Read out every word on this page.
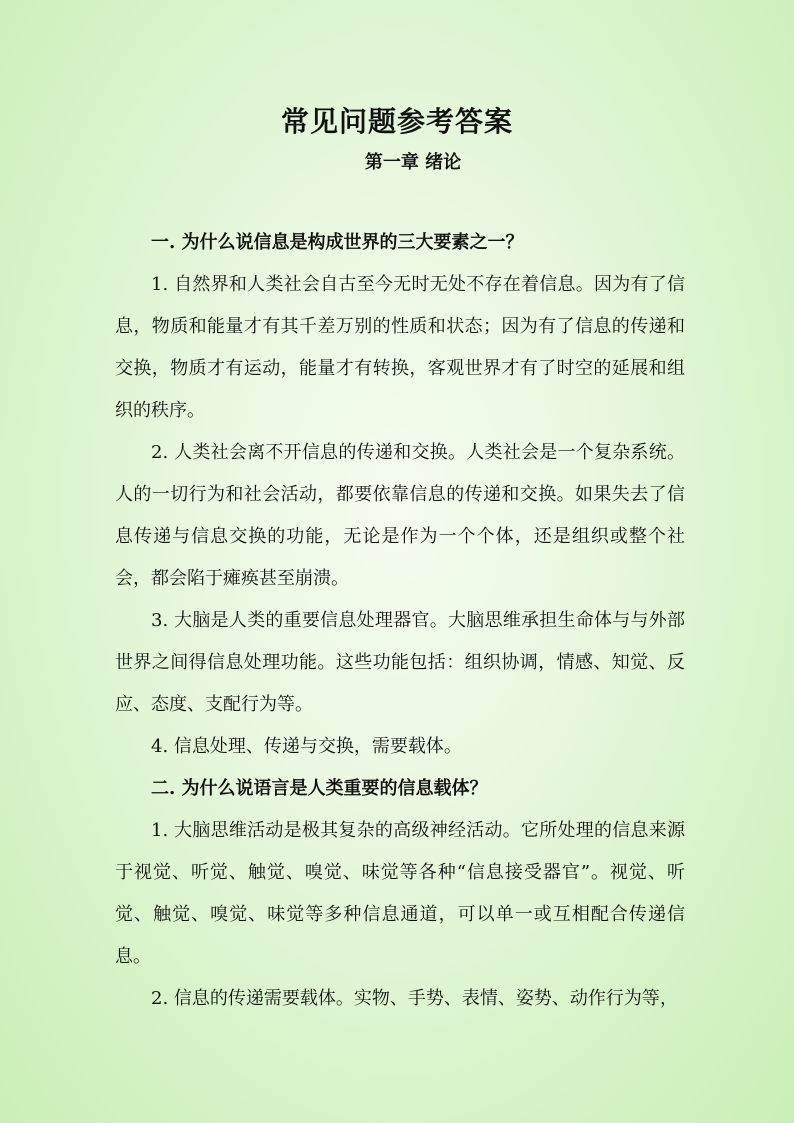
常见问题参考答案
第一章 绪论

一. 为什么说信息是构成世界的三大要素之一？

1. 自然界和人类社会自古至今无时无处不存在着信息。因为有了信息，物质和能量才有其千差万别的性质和状态；因为有了信息的传递和交换，物质才有运动，能量才有转换，客观世界才有了时空的延展和组织的秩序。

2. 人类社会离不开信息的传递和交换。人类社会是一个复杂系统。人的一切行为和社会活动，都要依靠信息的传递和交换。如果失去了信息传递与信息交换的功能，无论是作为一个个体，还是组织或整个社会，都会陷于瘫痪甚至崩溃。

3. 大脑是人类的重要信息处理器官。大脑思维承担生命体与与外部世界之间得信息处理功能。这些功能包括：组织协调，情感、知觉、反应、态度、支配行为等。

4. 信息处理、传递与交换，需要载体。

二. 为什么说语言是人类重要的信息载体？

1. 大脑思维活动是极其复杂的高级神经活动。它所处理的信息来源于视觉、听觉、触觉、嗅觉、味觉等各种“信息接受器官”。视觉、听觉、触觉、嗅觉、味觉等多种信息通道，可以单一或互相配合传递信息。

2. 信息的传递需要载体。实物、手势、表情、姿势、动作行为等，
